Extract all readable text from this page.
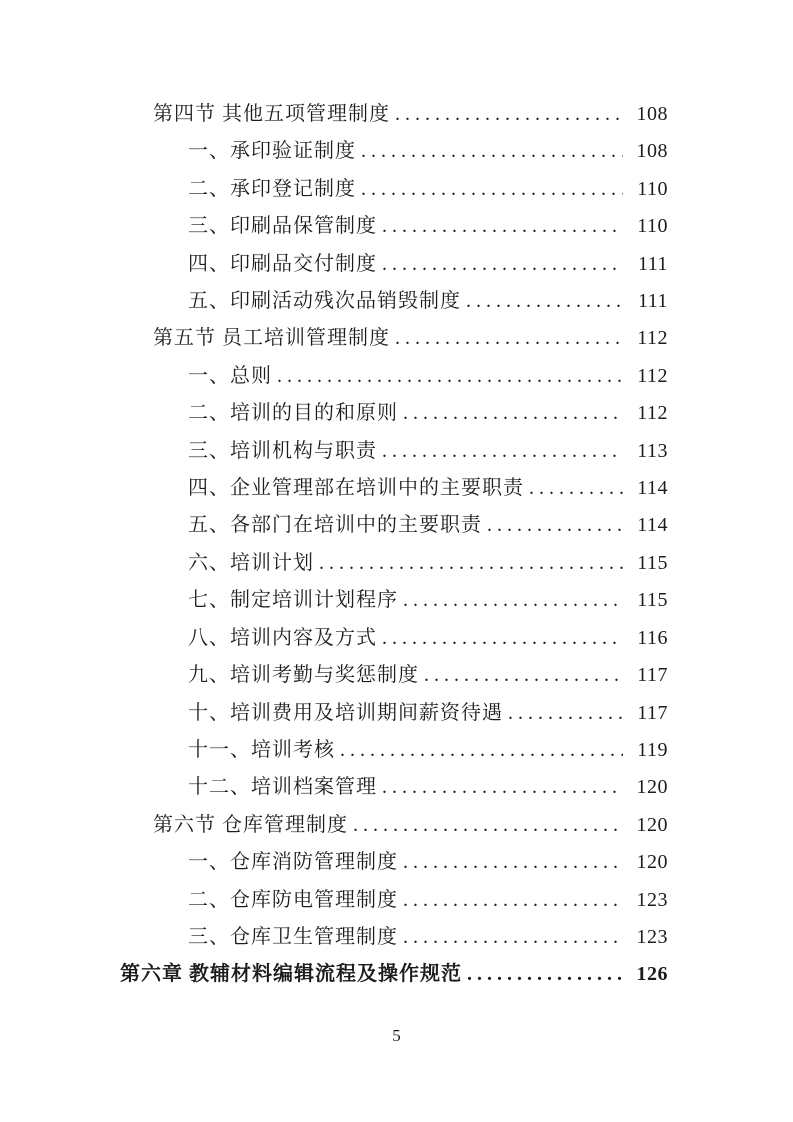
第四节 其他五项管理制度 . . .	108
一、承印验证制度 . . .	108
二、承印登记制度 . . .	110
三、印刷品保管制度 . . .	110
四、印刷品交付制度 . . .	111
五、印刷活动残次品销毁制度 . . .	111
第五节 员工培训管理制度 . . .	112
一、总则 . . .	112
二、培训的目的和原则 . . .	112
三、培训机构与职责 . . .	113
四、企业管理部在培训中的主要职责 . . .	114
五、各部门在培训中的主要职责 . . .	114
六、培训计划 . . .	115
七、制定培训计划程序 . . .	115
八、培训内容及方式 . . .	116
九、培训考勤与奖惩制度 . . .	117
十、培训费用及培训期间薪资待遇 . . .	117
十一、培训考核 . . .	119
十二、培训档案管理 . . .	120
第六节 仓库管理制度 . . .	120
一、仓库消防管理制度 . . .	120
二、仓库防电管理制度 . . .	123
三、仓库卫生管理制度 . . .	123
第六章 教辅材料编辑流程及操作规范 . . .	126
5
